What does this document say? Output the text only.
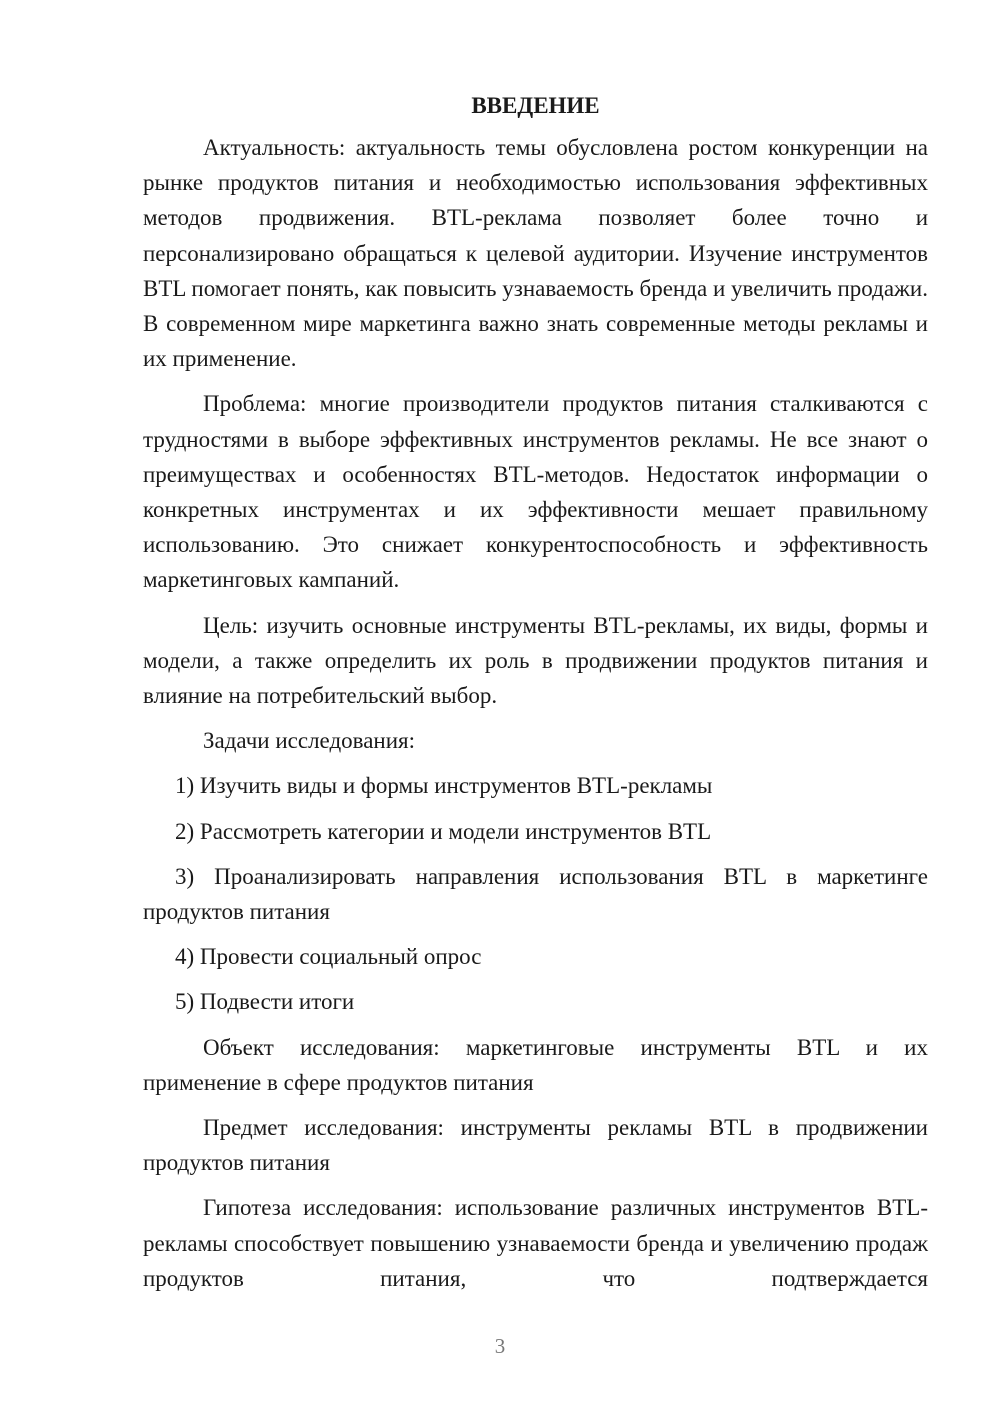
ВВЕДЕНИЕ

Актуальность: актуальность темы обусловлена ростом конкуренции на рынке продуктов питания и необходимостью использования эффективных методов продвижения. BTL-реклама позволяет более точно и персонализировано обращаться к целевой аудитории. Изучение инструментов BTL помогает понять, как повысить узнаваемость бренда и увеличить продажи. В современном мире маркетинга важно знать современные методы рекламы и их применение.

Проблема: многие производители продуктов питания сталкиваются с трудностями в выборе эффективных инструментов рекламы. Не все знают о преимуществах и особенностях BTL-методов. Недостаток информации о конкретных инструментах и их эффективности мешает правильному использованию. Это снижает конкурентоспособность и эффективность маркетинговых кампаний.

Цель: изучить основные инструменты BTL-рекламы, их виды, формы и модели, а также определить их роль в продвижении продуктов питания и влияние на потребительский выбор.

Задачи исследования:

1) Изучить виды и формы инструментов BTL-рекламы

2) Рассмотреть категории и модели инструментов BTL

3) Проанализировать направления использования BTL в маркетинге продуктов питания

4) Провести социальный опрос

5) Подвести итоги

Объект исследования: маркетинговые инструменты BTL и их применение в сфере продуктов питания

Предмет исследования: инструменты рекламы BTL в продвижении продуктов питания

Гипотеза исследования: использование различных инструментов BTL-рекламы способствует повышению узнаваемости бренда и увеличению продаж продуктов питания, что подтверждается

3
